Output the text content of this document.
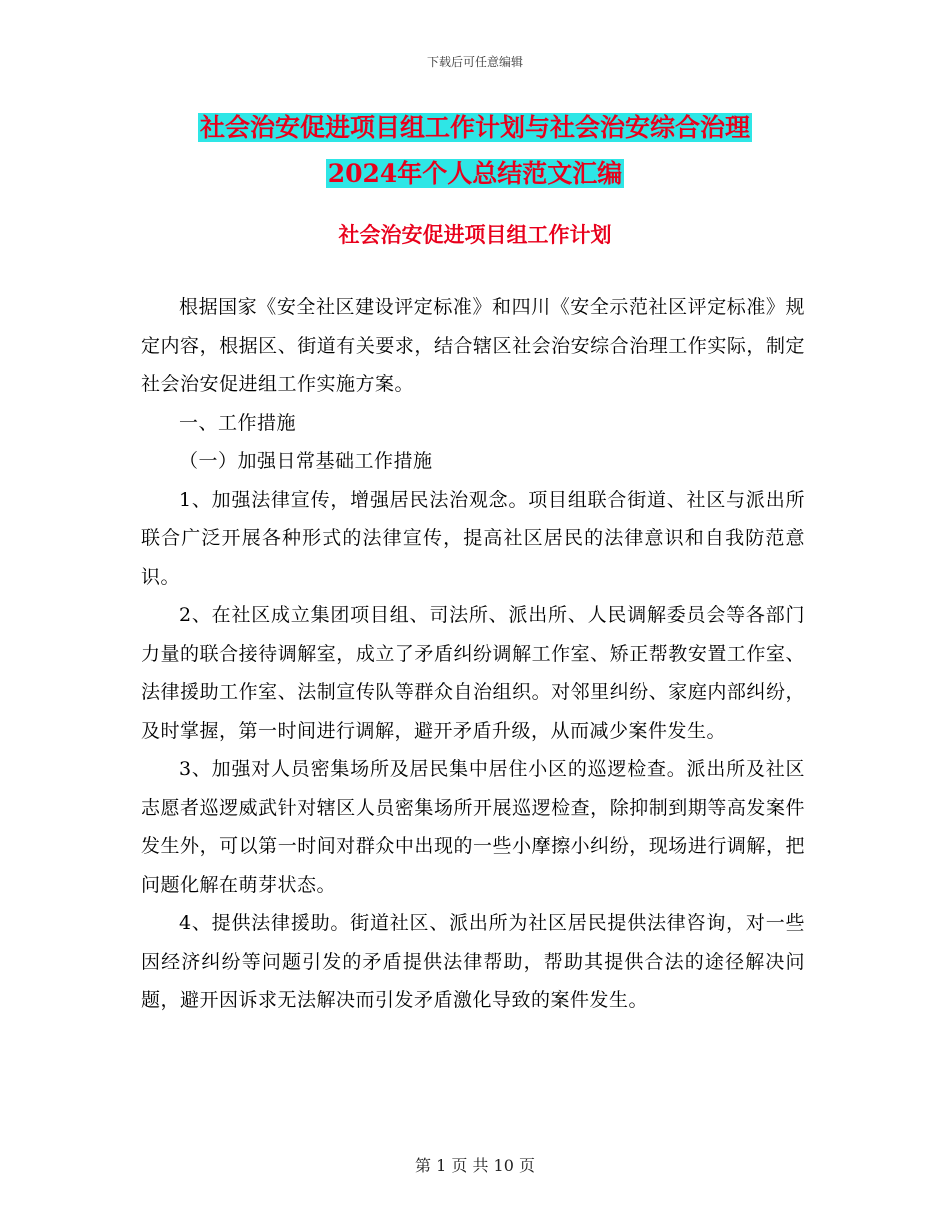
下载后可任意编辑
社会治安促进项目组工作计划与社会治安综合治理
2024年个人总结范文汇编
社会治安促进项目组工作计划

根据国家《安全社区建设评定标准》和四川《安全示范社区评定标准》规定内容，根据区、街道有关要求，结合辖区社会治安综合治理工作实际，制定社会治安促进组工作实施方案。

一、工作措施

（一）加强日常基础工作措施

1、加强法律宣传，增强居民法治观念。项目组联合街道、社区与派出所联合广泛开展各种形式的法律宣传，提高社区居民的法律意识和自我防范意识。

2、在社区成立集团项目组、司法所、派出所、人民调解委员会等各部门力量的联合接待调解室，成立了矛盾纠纷调解工作室、矫正帮教安置工作室、法律援助工作室、法制宣传队等群众自治组织。对邻里纠纷、家庭内部纠纷，及时掌握，第一时间进行调解，避开矛盾升级，从而减少案件发生。

3、加强对人员密集场所及居民集中居住小区的巡逻检查。派出所及社区志愿者巡逻威武针对辖区人员密集场所开展巡逻检查，除抑制到期等高发案件发生外，可以第一时间对群众中出现的一些小摩擦小纠纷，现场进行调解，把问题化解在萌芽状态。

4、提供法律援助。街道社区、派出所为社区居民提供法律咨询，对一些因经济纠纷等问题引发的矛盾提供法律帮助，帮助其提供合法的途径解决问题，避开因诉求无法解决而引发矛盾激化导致的案件发生。

第 1 页 共 10 页
